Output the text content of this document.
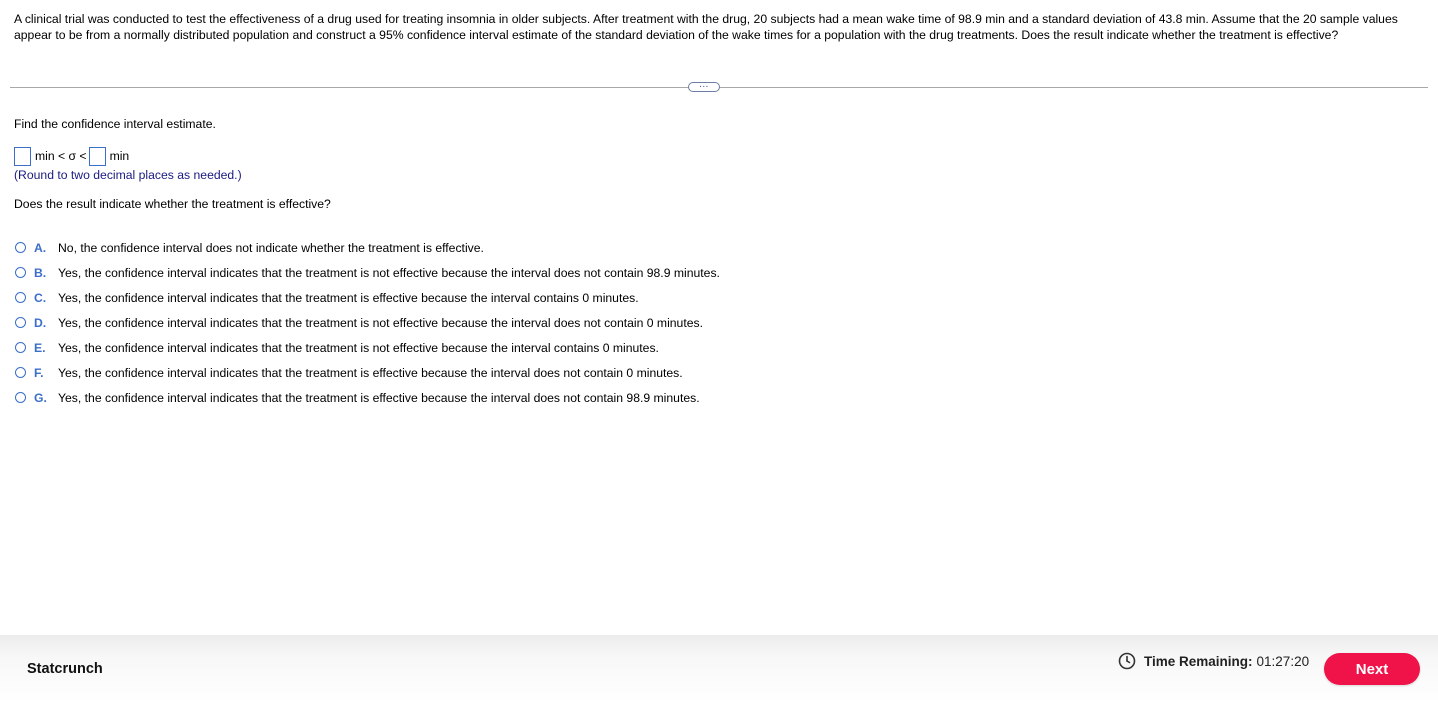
A clinical trial was conducted to test the effectiveness of a drug used for treating insomnia in older subjects. After treatment with the drug, 20 subjects had a mean wake time of 98.9 min and a standard deviation of 43.8 min. Assume that the 20 sample values appear to be from a normally distributed population and construct a 95% confidence interval estimate of the standard deviation of the wake times for a population with the drug treatments. Does the result indicate whether the treatment is effective?
…
Find the confidence interval estimate.
min < σ < min
(Round to two decimal places as needed.)
Does the result indicate whether the treatment is effective?
A. No, the confidence interval does not indicate whether the treatment is effective.
B. Yes, the confidence interval indicates that the treatment is not effective because the interval does not contain 98.9 minutes.
C. Yes, the confidence interval indicates that the treatment is effective because the interval contains 0 minutes.
D. Yes, the confidence interval indicates that the treatment is not effective because the interval does not contain 0 minutes.
E.	Yes, the confidence interval indicates that the treatment is not effective because the interval contains 0 minutes.
F.	Yes, the confidence interval indicates that the treatment is effective because the interval does not contain 0 minutes.
G. Yes, the confidence interval indicates that the treatment is effective because the interval does not contain 98.9 minutes.
Statcrunch	Time Remaining: 01:27:20	Next
